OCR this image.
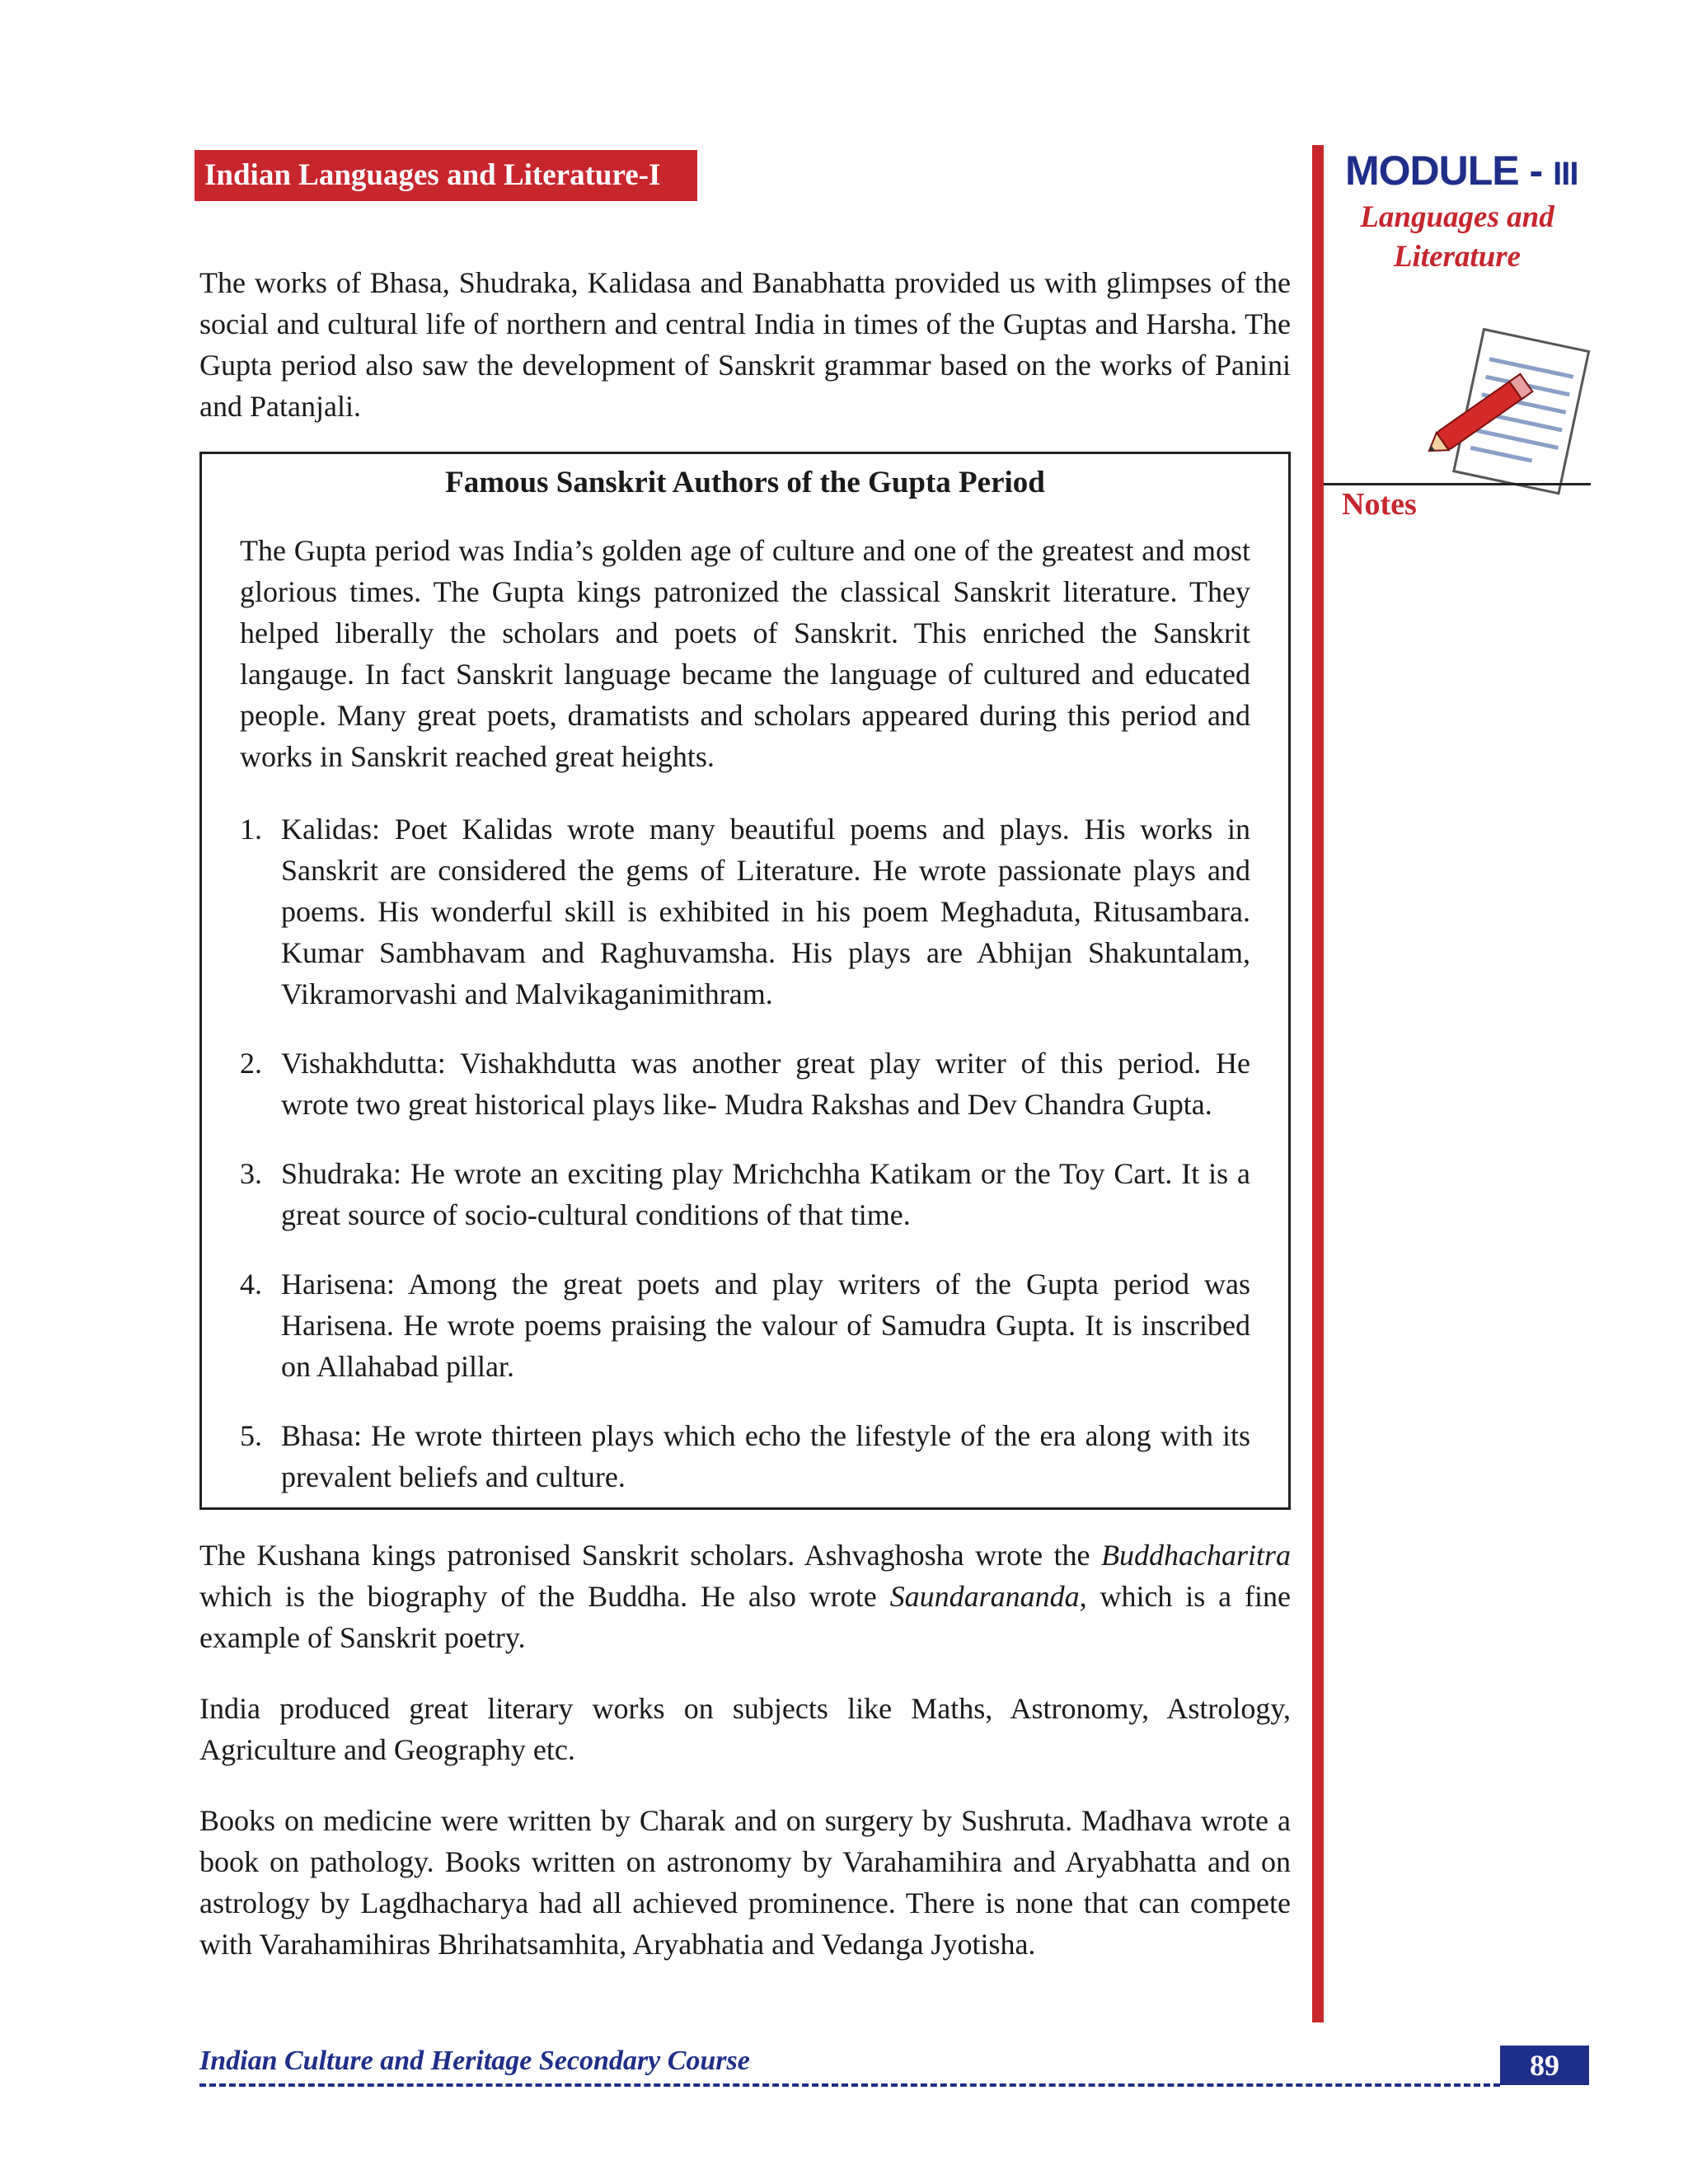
Indian Languages and Literature-I	MODULE - III
Languages and Literature
Notes

The works of Bhasa, Shudraka, Kalidasa and Banabhatta provided us with glimpses of the social and cultural life of northern and central India in times of the Guptas and Harsha. The Gupta period also saw the development of Sanskrit grammar based on the works of Panini and Patanjali.

Famous Sanskrit Authors of the Gupta Period

The Gupta period was India’s golden age of culture and one of the greatest and most glorious times. The Gupta kings patronized the classical Sanskrit literature. They helped liberally the scholars and poets of Sanskrit. This enriched the Sanskrit langauge. In fact Sanskrit language became the language of cultured and educated people. Many great poets, dramatists and scholars appeared during this period and works in Sanskrit reached great heights.

1. Kalidas: Poet Kalidas wrote many beautiful poems and plays. His works in Sanskrit are considered the gems of Literature. He wrote passionate plays and poems. His wonderful skill is exhibited in his poem Meghaduta, Ritusambara. Kumar Sambhavam and Raghuvamsha. His plays are Abhijan Shakuntalam, Vikramorvashi and Malvikaganimithram.
2. Vishakhdutta: Vishakhdutta was another great play writer of this period. He wrote two great historical plays like- Mudra Rakshas and Dev Chandra Gupta.
3. Shudraka: He wrote an exciting play Mrichchha Katikam or the Toy Cart. It is a great source of socio-cultural conditions of that time.
4. Harisena: Among the great poets and play writers of the Gupta period was Harisena. He wrote poems praising the valour of Samudra Gupta. It is inscribed on Allahabad pillar.
5. Bhasa: He wrote thirteen plays which echo the lifestyle of the era along with its prevalent beliefs and culture.

The Kushana kings patronised Sanskrit scholars. Ashvaghosha wrote the Buddhacharitra which is the biography of the Buddha. He also wrote Saundarananda, which is a fine example of Sanskrit poetry.

India produced great literary works on subjects like Maths, Astronomy, Astrology, Agriculture and Geography etc.

Books on medicine were written by Charak and on surgery by Sushruta. Madhava wrote a book on pathology. Books written on astronomy by Varahamihira and Aryabhatta and on astrology by Lagdhacharya had all achieved prominence. There is none that can compete with Varahamihiras Bhrihatsamhita, Aryabhatia and Vedanga Jyotisha.

Indian Culture and Heritage Secondary Course	89
